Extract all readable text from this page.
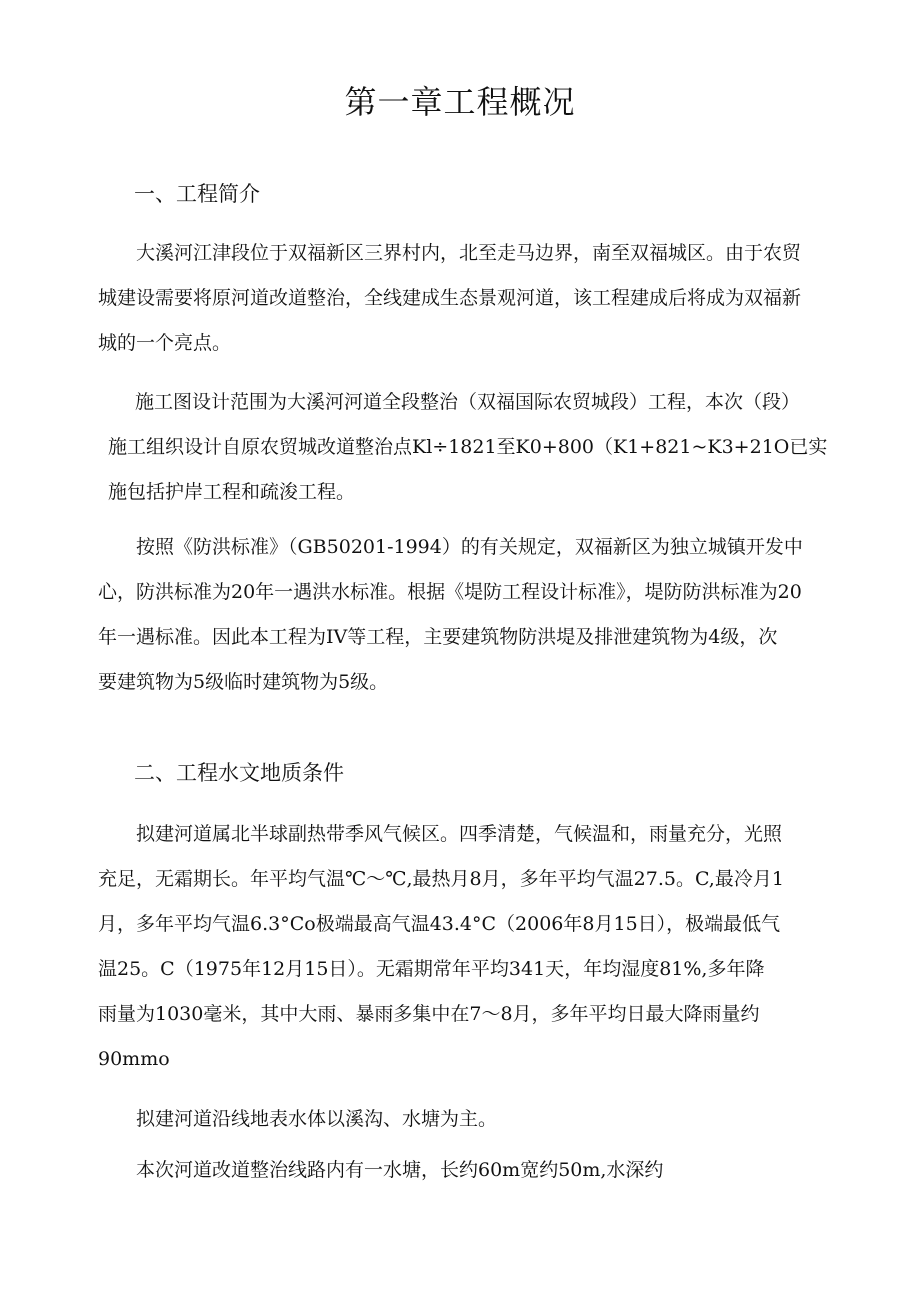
第一章工程概况
一、工程简介
大溪河江津段位于双福新区三界村内，北至走马边界，南至双福城区。由于农贸
城建设需要将原河道改道整治，全线建成生态景观河道，该工程建成后将成为双福新
城的一个亮点。
施工图设计范围为大溪河河道全段整治（双福国际农贸城段）工程，本次（段）
施工组织设计自原农贸城改道整治点Kl÷1821至K0+800（K1+821~K3+21O已实
施包括护岸工程和疏浚工程。
按照《防洪标准》（GB50201-1994）的有关规定，双福新区为独立城镇开发中
心，防洪标准为20年一遇洪水标准。根据《堤防工程设计标准》，堤防防洪标准为20
年一遇标准。因此本工程为IV等工程，主要建筑物防洪堤及排泄建筑物为4级，次
要建筑物为5级临时建筑物为5级。
二、工程水文地质条件
拟建河道属北半球副热带季风气候区。四季清楚，气候温和，雨量充分，光照
充足，无霜期长。年平均气温℃～℃,最热月8月，多年平均气温27.5。C,最冷月1
月，多年平均气温6.3°Co极端最高气温43.4°C（2006年8月15日），极端最低气
温25。C（1975年12月15日）。无霜期常年平均341天，年均湿度81%,多年降
雨量为1030毫米，其中大雨、暴雨多集中在7～8月，多年平均日最大降雨量约
90mmo
拟建河道沿线地表水体以溪沟、水塘为主。
本次河道改道整治线路内有一水塘，长约60m宽约50m,水深约
